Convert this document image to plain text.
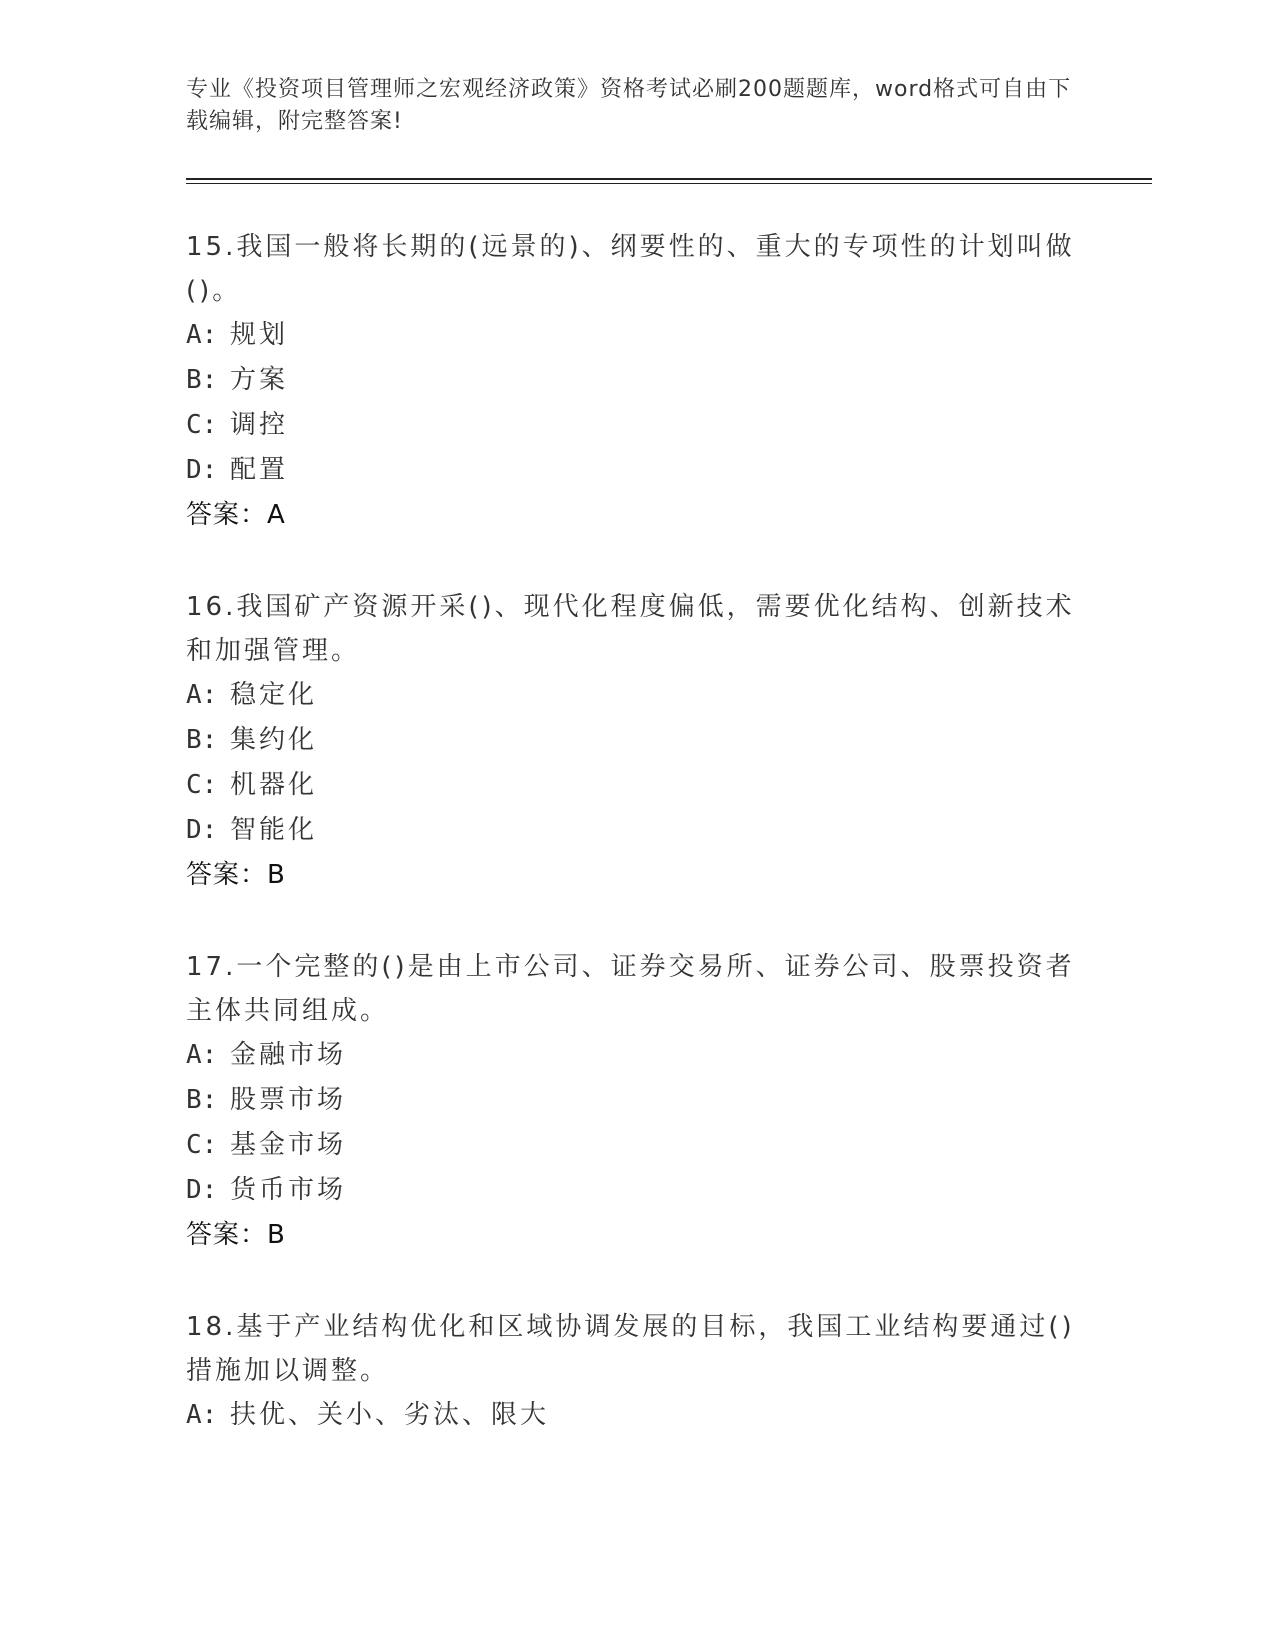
专业《投资项目管理师之宏观经济政策》资格考试必刷200题题库，word格式可自由下载编辑，附完整答案!
15.我国一般将长期的(远景的)、纲要性的、重大的专项性的计划叫做()。
A: 规划
B: 方案
C: 调控
D: 配置
答案：A
16.我国矿产资源开采()、现代化程度偏低，需要优化结构、创新技术和加强管理。
A: 稳定化
B: 集约化
C: 机器化
D: 智能化
答案：B
17.一个完整的()是由上市公司、证券交易所、证券公司、股票投资者主体共同组成。
A: 金融市场
B: 股票市场
C: 基金市场
D: 货币市场
答案：B
18.基于产业结构优化和区域协调发展的目标，我国工业结构要通过()措施加以调整。
A: 扶优、关小、劣汰、限大
